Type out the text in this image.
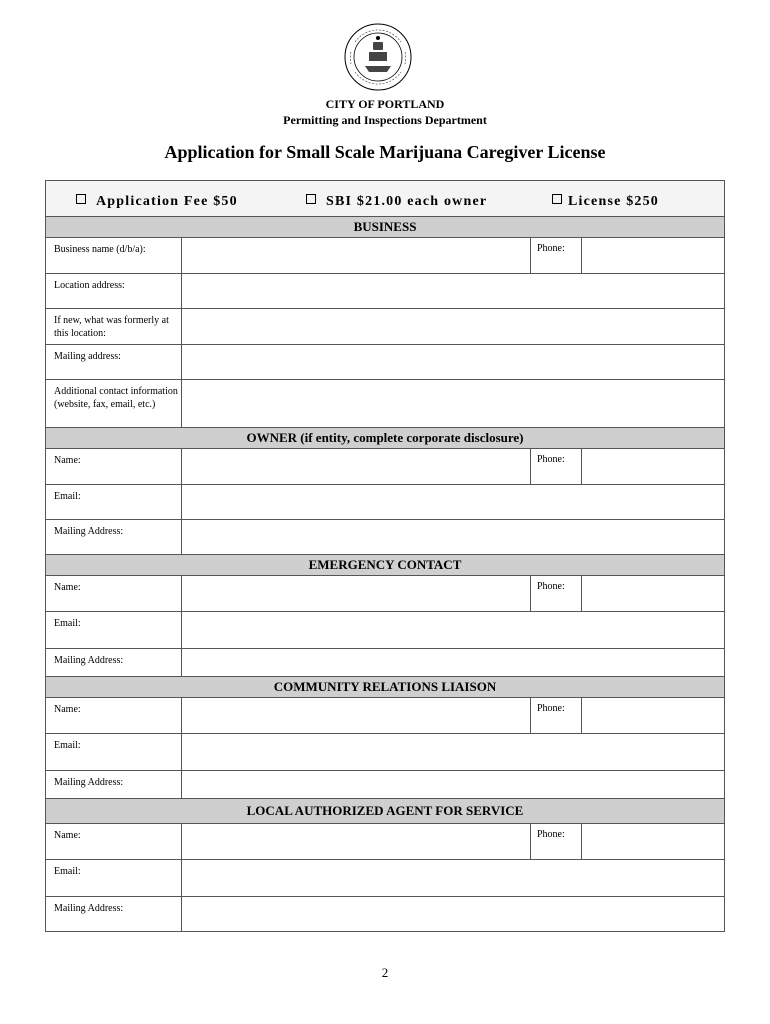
CITY OF PORTLAND
Permitting and Inspections Department
Application for Small Scale Marijuana Caregiver License
Application Fee $50	SBI $21.00 each owner	License $250
BUSINESS
Business name (d/b/a):	Phone:
Location address:
If new, what was formerly at this location:
Mailing address:
Additional contact information (website, fax, email, etc.)
OWNER (if entity, complete corporate disclosure)
Name:	Phone:
Email:
Mailing Address:
EMERGENCY CONTACT
Name:	Phone:
Email:
Mailing Address:
COMMUNITY RELATIONS LIAISON
Name:	Phone:
Email:
Mailing Address:
LOCAL AUTHORIZED AGENT FOR SERVICE
Name:	Phone:
Email:
Mailing Address:
2
